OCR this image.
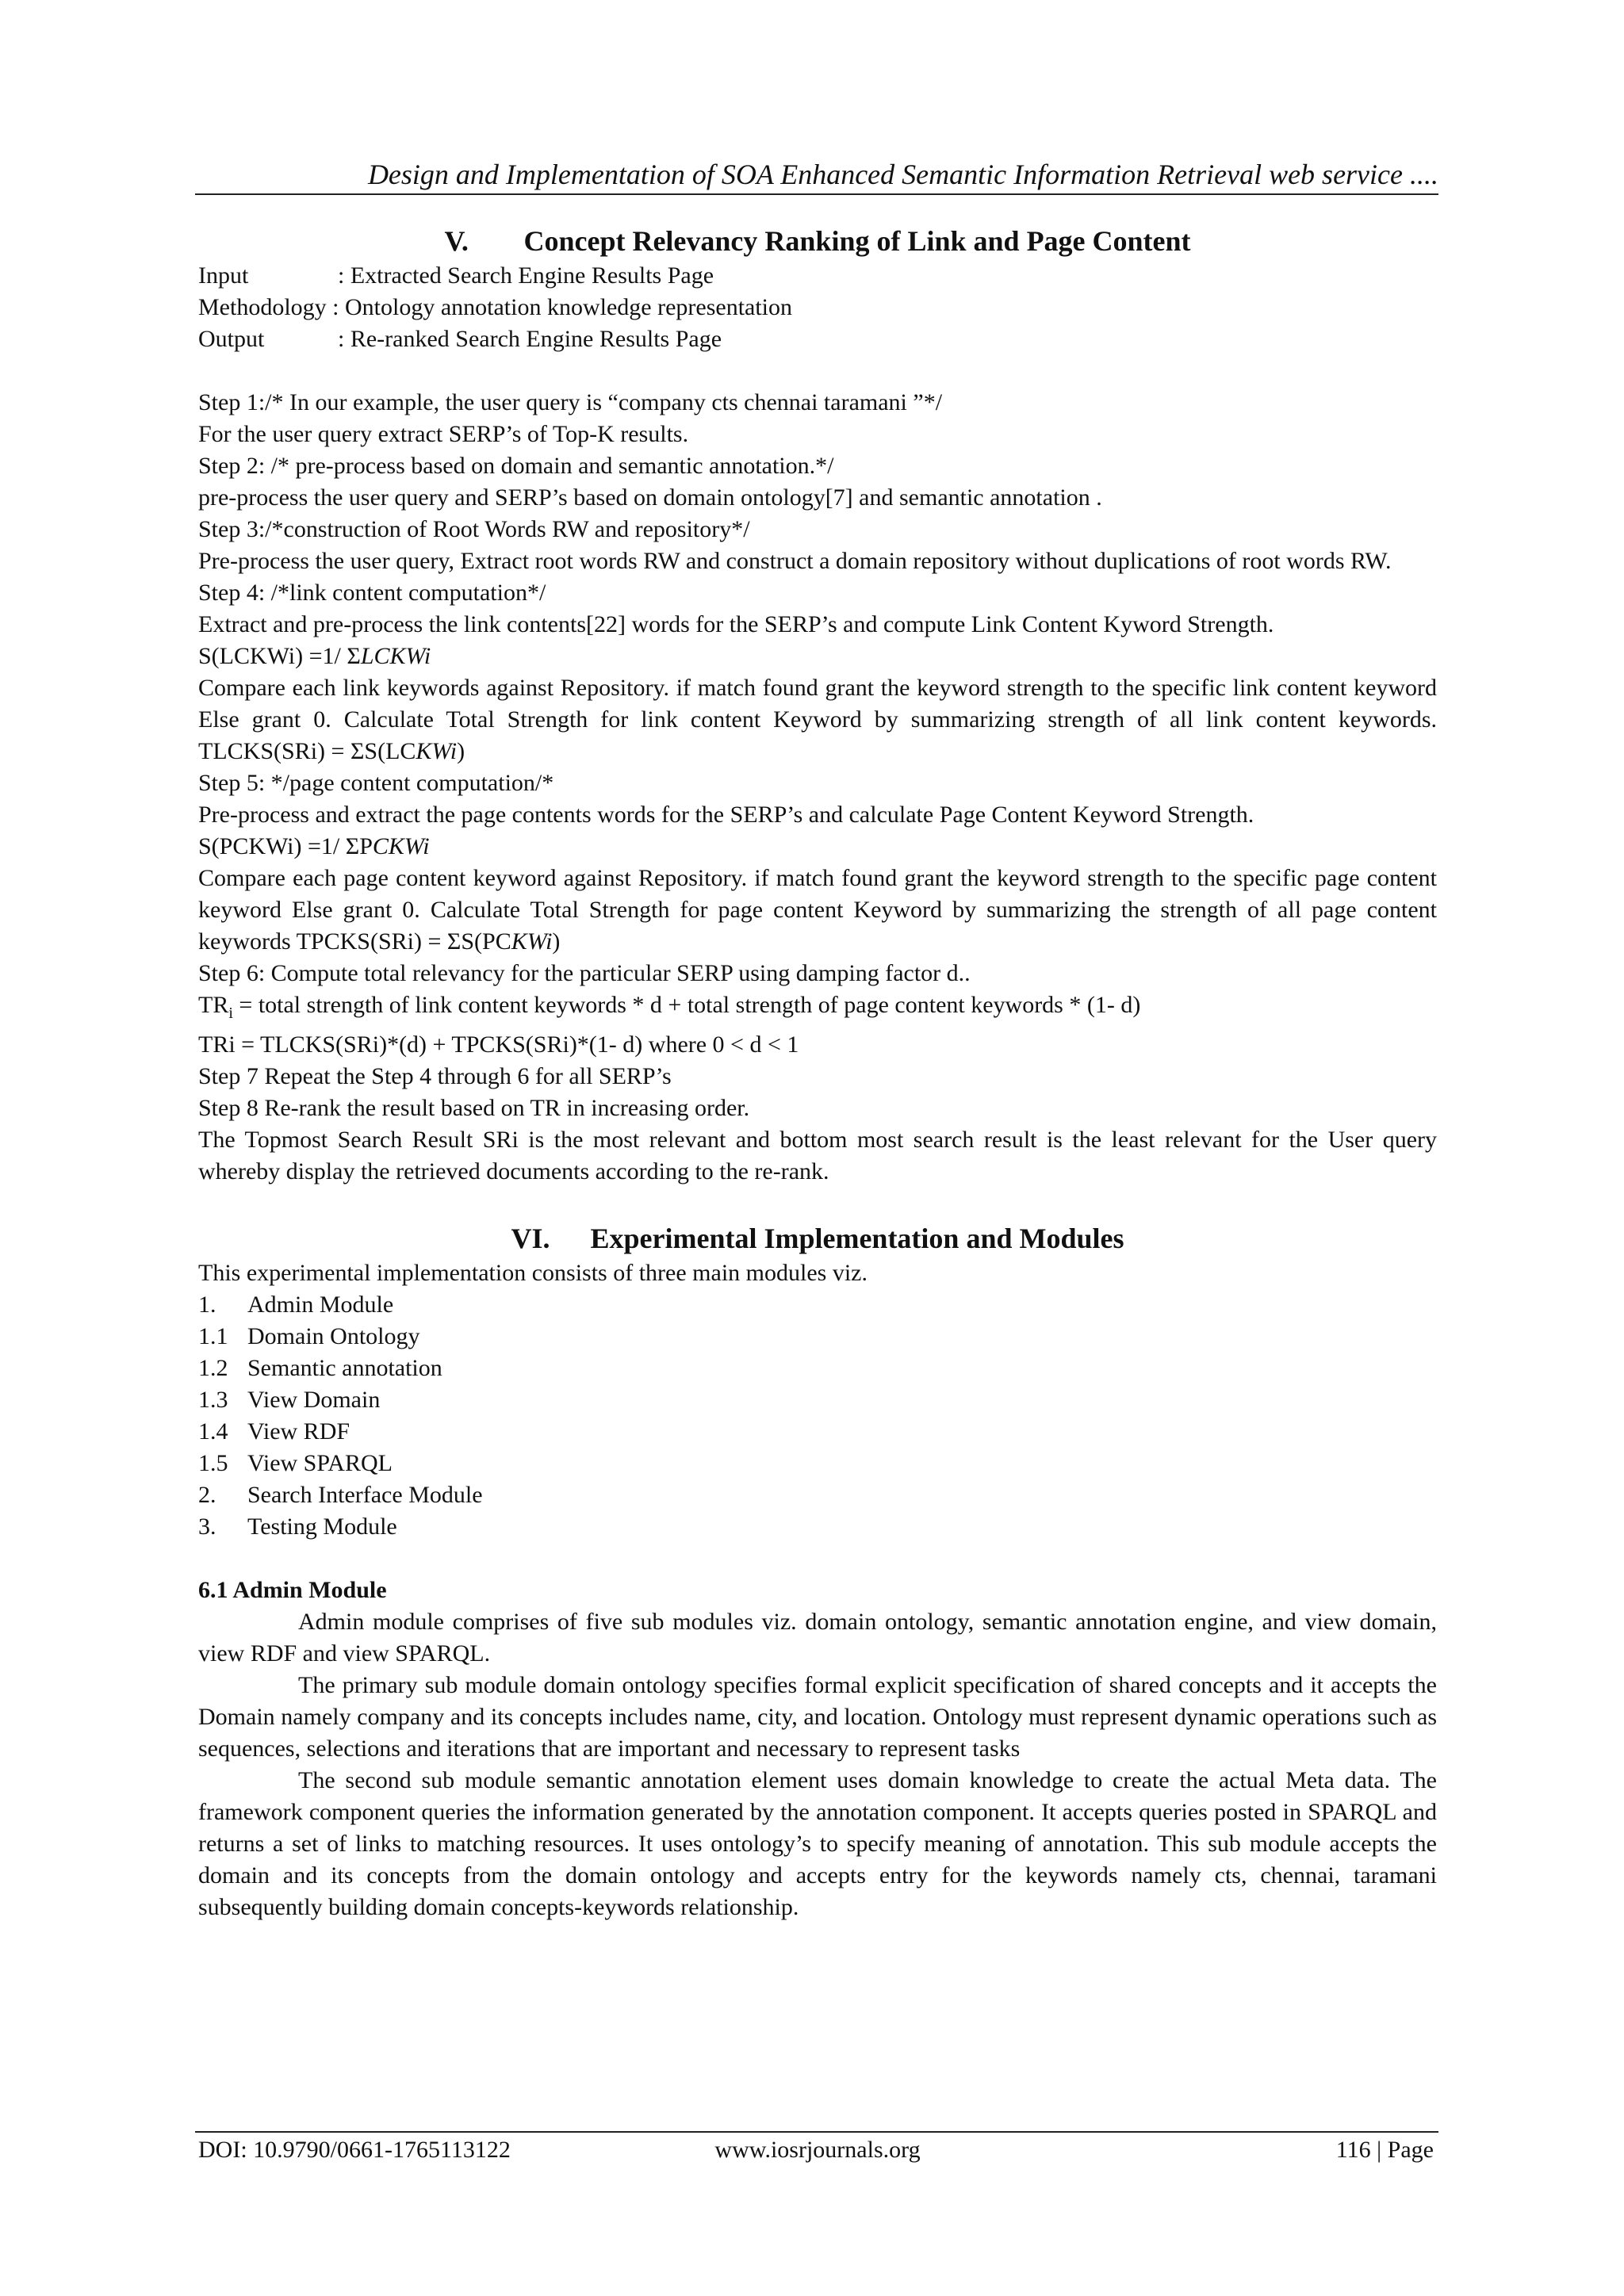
Design and Implementation of SOA Enhanced Semantic Information Retrieval web service ....
V. Concept Relevancy Ranking of Link and Page Content
Input	: Extracted Search Engine Results Page
Methodology : Ontology annotation knowledge representation
Output	: Re-ranked Search Engine Results Page

Step 1:/* In our example, the user query is “company cts chennai taramani ”*/

For the user query extract SERP’s of Top-K results.

Step 2: /* pre-process based on domain and semantic annotation.*/

pre-process the user query and SERP’s based on domain ontology[7] and semantic annotation .

Step 3:/*construction of Root Words RW and repository*/

Pre-process the user query, Extract root words RW and construct a domain repository without duplications of root words RW.

Step 4: /*link content computation*/

Extract and pre-process the link contents[22] words for the SERP’s and compute Link Content Kyword Strength.

S(LCKWi) =1/ ΣLCKWi

Compare each link keywords against Repository. if match found grant the keyword strength to the specific link content keyword Else grant 0. Calculate Total Strength for link content Keyword by summarizing strength of all link content keywords. TLCKS(SRi) = ΣS(LCKWi)

Step 5: */page content computation/*

Pre-process and extract the page contents words for the SERP’s and calculate Page Content Keyword Strength.

S(PCKWi) =1/ ΣPCKWi

Compare each page content keyword against Repository. if match found grant the keyword strength to the specific page content keyword Else grant 0. Calculate Total Strength for page content Keyword by summarizing the strength of all page content keywords TPCKS(SRi) = ΣS(PCKWi)

Step 6: Compute total relevancy for the particular SERP using damping factor d..

$TR_i$ = total strength of link content keywords * d + total strength of page content keywords * (1- d)

TRi = TLCKS(SRi)*(d) + TPCKS(SRi)*(1- d) where 0 < d < 1

Step 7 Repeat the Step 4 through 6 for all SERP’s

Step 8 Re-rank the result based on TR in increasing order.

The Topmost Search Result SRi is the most relevant and bottom most search result is the least relevant for the User query whereby display the retrieved documents according to the re-rank.

VI. Experimental Implementation and Modules

This experimental implementation consists of three main modules viz.

1.	Admin Module
1.1 Domain Ontology
1.2 Semantic annotation
1.3 View Domain
1.4 View RDF
1.5 View SPARQL
2.	Search Interface Module
3.	Testing Module

6.1 Admin Module

Admin module comprises of five sub modules viz. domain ontology, semantic annotation engine, and view domain, view RDF and view SPARQL.

The primary sub module domain ontology specifies formal explicit specification of shared concepts and it accepts the Domain namely company and its concepts includes name, city, and location. Ontology must represent dynamic operations such as sequences, selections and iterations that are important and necessary to represent tasks

The second sub module semantic annotation element uses domain knowledge to create the actual Meta data. The framework component queries the information generated by the annotation component. It accepts queries posted in SPARQL and returns a set of links to matching resources. It uses ontology’s to specify meaning of annotation. This sub module accepts the domain and its concepts from the domain ontology and accepts entry for the keywords namely cts, chennai, taramani subsequently building domain concepts-keywords relationship.

DOI: 10.9790/0661-1765113122	www.iosrjournals.org	116 | Page
